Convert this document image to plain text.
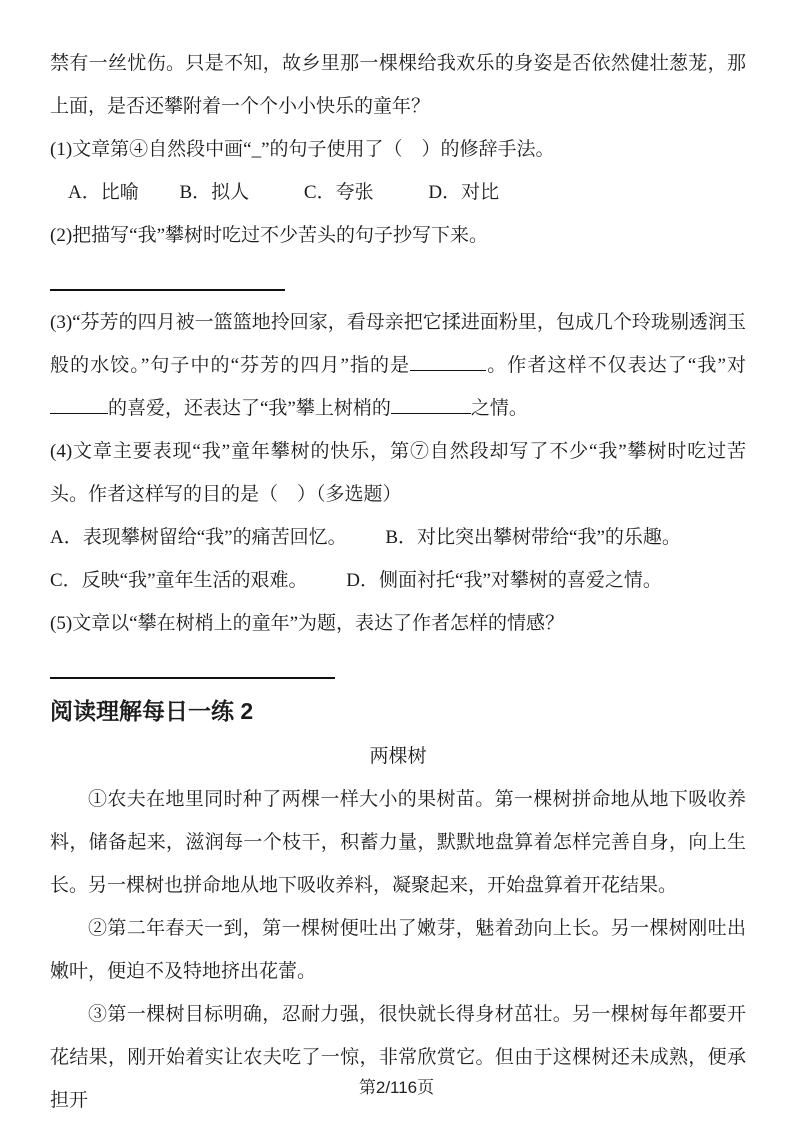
禁有一丝忧伤。只是不知，故乡里那一棵棵给我欢乐的身姿是否依然健壮葱茏，那上面，是否还攀附着一个个小小快乐的童年？

(1)文章第④自然段中画“_”的句子使用了（　）的修辞手法。

A．比喻 B．拟人	C．夸张	D．对比

(2)把描写“我”攀树时吃过不少苦头的句子抄写下来。

(3)“芬芳的四月被一篮篮地拎回家，看母亲把它揉进面粉里，包成几个玲珑剔透润玉般的水饺。”句子中的“芬芳的四月”指的是	。作者这样不仅表达了“我”对的喜爱，还表达了“我”攀上树梢的	之情。

(4)文章主要表现“我”童年攀树的快乐，第⑦自然段却写了不少“我”攀树时吃过苦头。作者这样写的目的是（　）（多选题）

A．表现攀树留给“我”的痛苦回忆。 B．对比突出攀树带给“我”的乐趣。
C．反映“我”童年生活的艰难。 D．侧面衬托“我”对攀树的喜爱之情。

(5)文章以“攀在树梢上的童年”为题，表达了作者怎样的情感？

阅读理解每日一练 2

两棵树

①农夫在地里同时种了两棵一样大小的果树苗。第一棵树拼命地从地下吸收养料，储备起来，滋润每一个枝干，积蓄力量，默默地盘算着怎样完善自身，向上生长。另一棵树也拼命地从地下吸收养料，凝聚起来，开始盘算着开花结果。

②第二年春天一到，第一棵树便吐出了嫩芽，魅着劲向上长。另一棵树刚吐出嫩叶，便迫不及特地挤出花蕾。

③第一棵树目标明确，忍耐力强，很快就长得身材茁壮。另一棵树每年都要开花结果，刚开始着实让农夫吃了一惊，非常欣赏它。但由于这棵树还未成熟，便承担开

第2/116页
